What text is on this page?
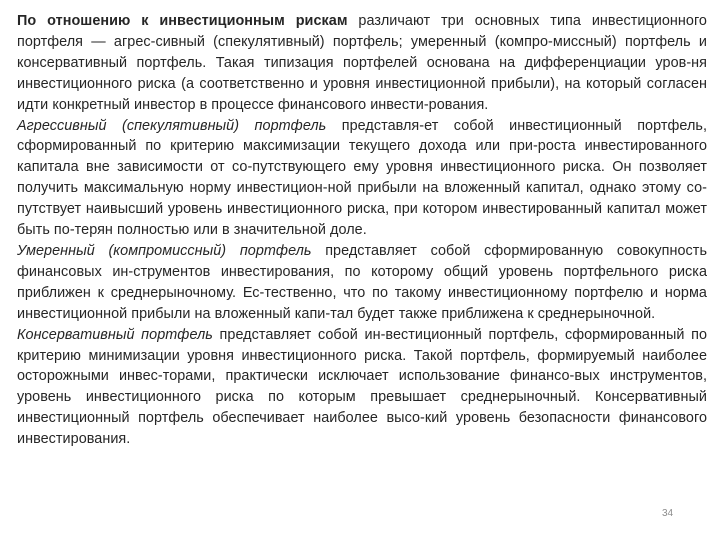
По отношению к инвестиционным рискам различают три основных типа инвестиционного портфеля — агрес-сивный (спекулятивный) портфель; умеренный (компро-миссный) портфель и консервативный портфель. Такая типизация портфелей основана на дифференциации уров-ня инвестиционного риска (а соответственно и уровня инвестиционной прибыли), на который согласен идти конкретный инвестор в процессе финансового инвести-рования.

Агрессивный (спекулятивный) портфель представля-ет собой инвестиционный портфель, сформированный по критерию максимизации текущего дохода или при-роста инвестированного капитала вне зависимости от со-путствующего ему уровня инвестиционного риска. Он позволяет получить максимальную норму инвестицион-ной прибыли на вложенный капитал, однако этому со-путствует наивысший уровень инвестиционного риска, при котором инвестированный капитал может быть по-терян полностью или в значительной доле.

Умеренный (компромиссный) портфель представляет собой сформированную совокупность финансовых ин-струментов инвестирования, по которому общий уровень портфельного риска приближен к среднерыночному. Ес-тественно, что по такому инвестиционному портфелю и норма инвестиционной прибыли на вложенный капи-тал будет также приближена к среднерыночной.

Консервативный портфель представляет собой ин-вестиционный портфель, сформированный по критерию минимизации уровня инвестиционного риска. Такой портфель, формируемый наиболее осторожными инвес-торами, практически исключает использование финансо-вых инструментов, уровень инвестиционного риска по которым превышает среднерыночный. Консервативный инвестиционный портфель обеспечивает наиболее высо-кий уровень безопасности финансового инвестирования.

34
